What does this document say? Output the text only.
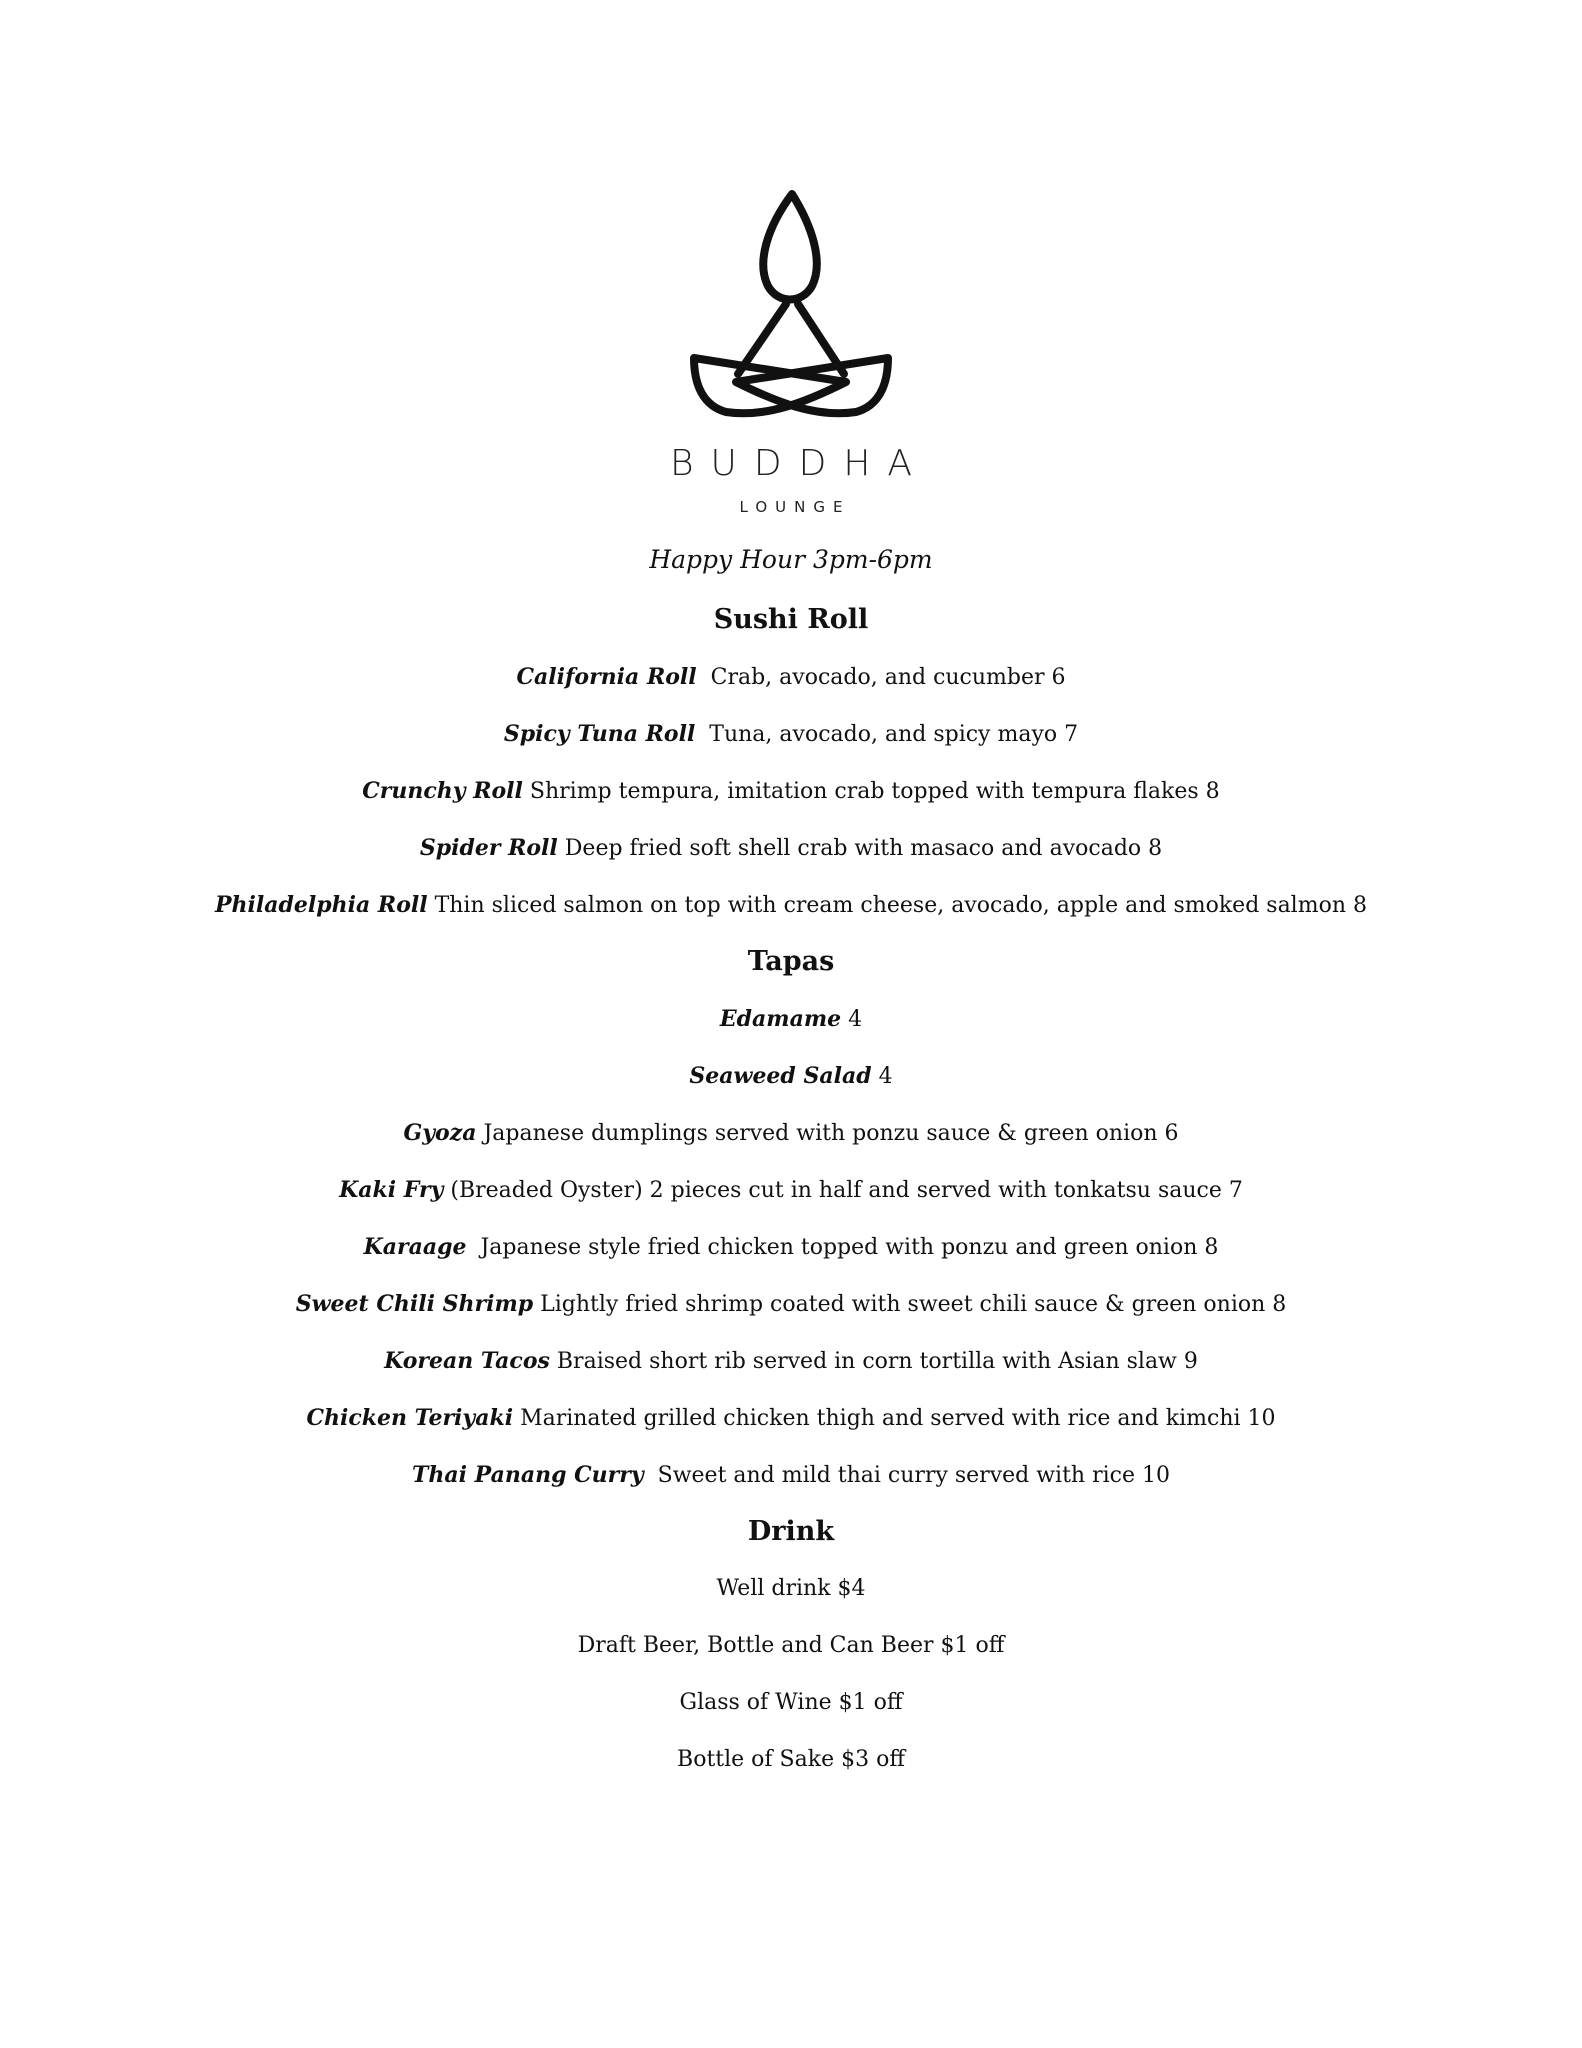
BUDDHA
LOUNGE
Happy Hour 3pm-6pm
Sushi Roll
California Roll Crab, avocado, and cucumber 6
Spicy Tuna Roll Tuna, avocado, and spicy mayo 7
Crunchy Roll Shrimp tempura, imitation crab topped with tempura flakes 8
Spider Roll Deep fried soft shell crab with masaco and avocado 8
Philadelphia Roll Thin sliced salmon on top with cream cheese, avocado, apple and smoked salmon 8
Tapas
Edamame 4
Seaweed Salad 4
Gyoza Japanese dumplings served with ponzu sauce & green onion 6
Kaki Fry (Breaded Oyster) 2 pieces cut in half and served with tonkatsu sauce 7
Karaage Japanese style fried chicken topped with ponzu and green onion 8
Sweet Chili Shrimp Lightly fried shrimp coated with sweet chili sauce & green onion 8
Korean Tacos Braised short rib served in corn tortilla with Asian slaw 9
Chicken Teriyaki Marinated grilled chicken thigh and served with rice and kimchi 10
Thai Panang Curry Sweet and mild thai curry served with rice 10
Drink
Well drink $4
Draft Beer, Bottle and Can Beer $1 off
Glass of Wine $1 off
Bottle of Sake $3 off
